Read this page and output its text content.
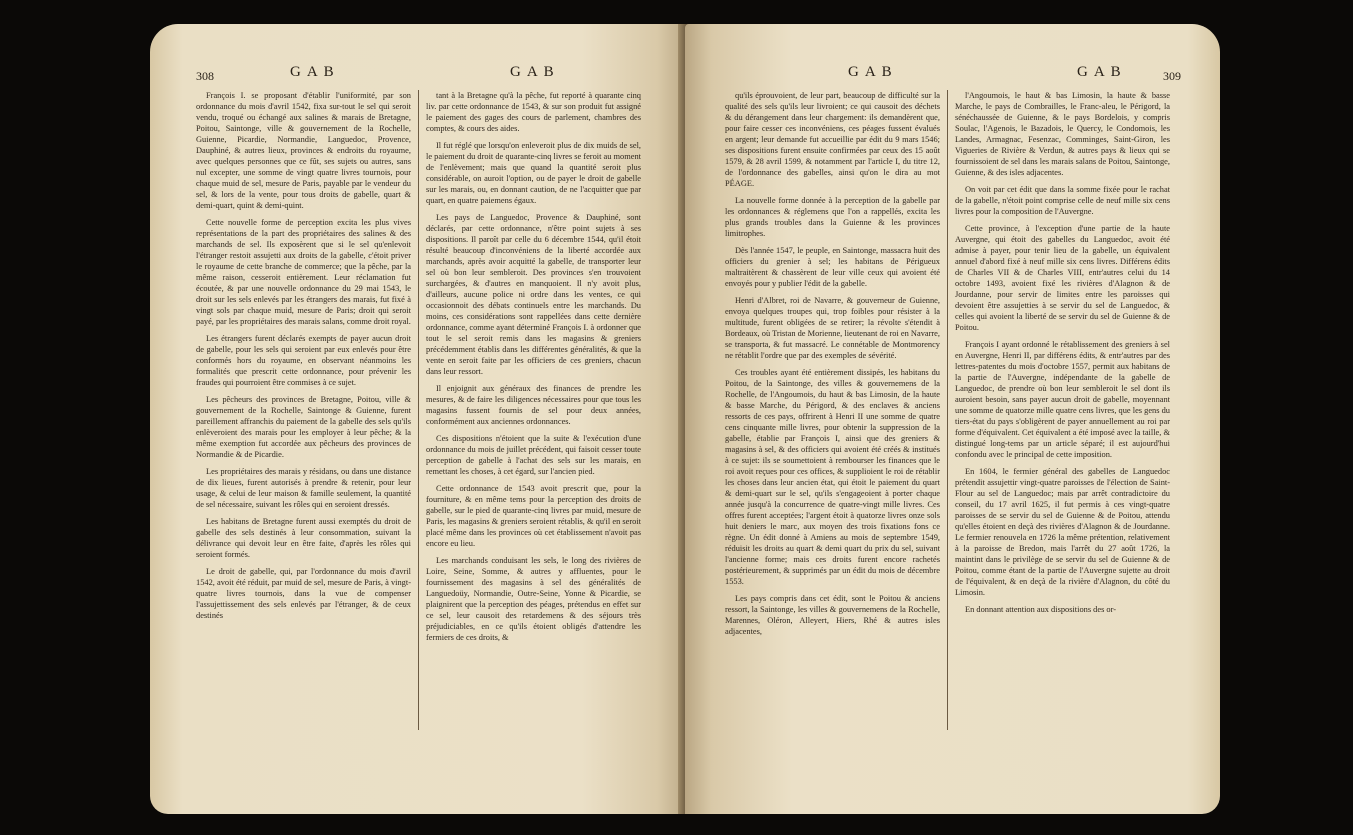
308	GAB	GAB

François I. se proposant d'établir l'uniformité, par son ordonnance du mois d'avril 1542, fixa sur-tout le sel qui seroit vendu, troqué ou échangé aux salines & marais de Bretagne, Poitou, Saintonge, ville & gouvernement de la Rochelle, Guienne, Picardie, Normandie, Languedoc, Provence, Dauphiné, & autres lieux, provinces & endroits du royaume, avec quelques personnes que ce fût, ses sujets ou autres, sans nul excepter, une somme de vingt quatre livres tournois, pour chaque muid de sel, mesure de Paris, payable par le vendeur du sel, & lors de la vente, pour tous droits de gabelle, quart & demi-quart, quint & demi-quint.

Cette nouvelle forme de perception excita les plus vives représentations de la part des propriétaires des salines & des marchands de sel. Ils exposèrent que si le sel qu'enlevoit l'étranger restoit assujetti aux droits de la gabelle, c'étoit priver le royaume de cette branche de commerce; que la pêche, par la même raison, cesseroit entièrement. Leur réclamation fut écoutée, & par une nouvelle ordonnance du 29 mai 1543, le droit sur les sels enlevés par les étrangers des marais, fut fixé à vingt sols par chaque muid, mesure de Paris; droit qui seroit payé, par les propriétaires des marais salans, comme droit royal.

Les étrangers furent déclarés exempts de payer aucun droit de gabelle, pour les sels qui seroient par eux enlevés pour être conformés hors du royaume, en observant néanmoins les formalités que prescrit cette ordonnance, pour prévenir les fraudes qui pourroient être commises à ce sujet.

Les pêcheurs des provinces de Bretagne, Poitou, ville & gouvernement de la Rochelle, Saintonge & Guienne, furent pareillement affranchis du paiement de la gabelle des sels qu'ils enlèveroient des marais pour les employer à leur pêche; & la même exemption fut accordée aux pêcheurs des provinces de Normandie & de Picardie.

Les propriétaires des marais y résidans, ou dans une distance de dix lieues, furent autorisés à prendre & retenir, pour leur usage, & celui de leur maison & famille seulement, la quantité de sel nécessaire, suivant les rôles qui en seroient dressés.

Les habitans de Bretagne furent aussi exemptés du droit de gabelle des sels destinés à leur consommation, suivant la délivrance qui devoit leur en être faite, d'après les rôles qui seroient formés.

Le droit de gabelle, qui, par l'ordonnance du mois d'avril 1542, avoit été réduit, par muid de sel, mesure de Paris, à vingt-quatre livres tournois, dans la vue de compenser l'assujettissement des sels enlevés par l'étranger, & de ceux destinés

tant à la Bretagne qu'à la pêche, fut reporté à quarante cinq liv. par cette ordonnance de 1543, & sur son produit fut assigné le paiement des gages des cours de parlement, chambres des comptes, & cours des aides.

Il fut réglé que lorsqu'on enleveroit plus de dix muids de sel, le paiement du droit de quarante-cinq livres se feroit au moment de l'enlèvement; mais que quand la quantité seroit plus considérable, on auroit l'option, ou de payer le droit de gabelle sur les marais, ou, en donnant caution, de ne l'acquitter que par quart, en quatre paiemens égaux.

Les pays de Languedoc, Provence & Dauphiné, sont déclarés, par cette ordonnance, n'être point sujets à ses dispositions. Il paroît par celle du 6 décembre 1544, qu'il étoit résulté beaucoup d'inconvéniens de la liberté accordée aux marchands, après avoir acquitté la gabelle, de transporter leur sel où bon leur sembleroit. Des provinces s'en trouvoient surchargées, & d'autres en manquoient. Il n'y avoit plus, d'ailleurs, aucune police ni ordre dans les ventes, ce qui occasionnoit des débats continuels entre les marchands. Du moins, ces considérations sont rappellées dans cette dernière ordonnance, comme ayant déterminé François I. à ordonner que tout le sel seroit remis dans les magasins & greniers précédemment établis dans les différentes généralités, & que la vente en seroit faite par les officiers de ces greniers, chacun dans leur ressort.

Il enjoignit aux généraux des finances de prendre les mesures, & de faire les diligences nécessaires pour que tous les magasins fussent fournis de sel pour deux années, conformément aux anciennes ordonnances.

Ces dispositions n'étoient que la suite & l'exécution d'une ordonnance du mois de juillet précédent, qui faisoit cesser toute perception de gabelle à l'achat des sels sur les marais, en remettant les choses, à cet égard, sur l'ancien pied.

Cette ordonnance de 1543 avoit prescrit que, pour la fourniture, & en même tems pour la perception des droits de gabelle, sur le pied de quarante-cinq livres par muid, mesure de Paris, les magasins & greniers seroient rétablis, & qu'il en seroit placé même dans les provinces où cet établissement n'avoit pas encore eu lieu.

Les marchands conduisant les sels, le long des rivières de Loire, Seine, Somme, & autres y affluentes, pour le fournissement des magasins à sel des généralités de Languedoüy, Normandie, Outre-Seine, Yonne & Picardie, se plaignirent que la perception des péages, prétendus en effet sur ce sel, leur causoit des retardemens & des séjours très préjudiciables, en ce qu'ils étoient obligés d'attendre les fermiers de ces droits, &

GAB	GAB	309

qu'ils éprouvoient, de leur part, beaucoup de difficulté sur la qualité des sels qu'ils leur livroient; ce qui causoit des déchets & du dérangement dans leur chargement: ils demandèrent que, pour faire cesser ces inconvéniens, ces péages fussent évalués en argent; leur demande fut accueillie par édit du 9 mars 1546; ses dispositions furent ensuite confirmées par ceux des 15 août 1579, & 28 avril 1599, & notamment par l'article I, du titre 12, de l'ordonnance des gabelles, ainsi qu'on le dira au mot PÉAGE.

La nouvelle forme donnée à la perception de la gabelle par les ordonnances & réglemens que l'on a rappellés, excita les plus grands troubles dans la Guienne & les provinces limitrophes.

Dès l'année 1547, le peuple, en Saintonge, massacra huit des officiers du grenier à sel; les habitans de Périgueux maltraitèrent & chassèrent de leur ville ceux qui avoient été envoyés pour y publier l'édit de la gabelle.

Henri d'Albret, roi de Navarre, & gouverneur de Guienne, envoya quelques troupes qui, trop foibles pour résister à la multitude, furent obligées de se retirer; la révolte s'étendit à Bordeaux, où Tristan de Morienne, lieutenant de roi en Navarre, se transporta, & fut massacré. Le connétable de Montmorency ne rétablit l'ordre que par des exemples de sévérité.

Ces troubles ayant été entièrement dissipés, les habitans du Poitou, de la Saintonge, des villes & gouvernemens de la Rochelle, de l'Angoumois, du haut & bas Limosin, de la haute & basse Marche, du Périgord, & des enclaves & anciens ressorts de ces pays, offrirent à Henri II une somme de quatre cens cinquante mille livres, pour obtenir la suppression de la gabelle, établie par François I, ainsi que des greniers & magasins à sel, & des officiers qui avoient été créés & institués à ce sujet: ils se soumettoient à rembourser les finances que le roi avoit reçues pour ces offices, & supplioient le roi de rétablir les choses dans leur ancien état, qui étoit le paiement du quart & demi-quart sur le sel, qu'ils s'engageoient à porter chaque année jusqu'à la concurrence de quatre-vingt mille livres. Ces offres furent acceptées; l'argent étoit à quatorze livres onze sols huit deniers le marc, aux moyen des trois fixations fons ce règne. Un édit donné à Amiens au mois de septembre 1549, réduisit les droits au quart & demi quart du prix du sel, suivant l'ancienne forme; mais ces droits furent encore rachetés postérieurement, & supprimés par un édit du mois de décembre 1553.

Les pays compris dans cet édit, sont le Poitou & anciens ressort, la Saintonge, les villes & gouvernemens de la Rochelle, Marennes, Oléron, Alleyert, Hiers, Rhé & autres isles adjacentes,

l'Angoumois, le haut & bas Limosin, la haute & basse Marche, le pays de Combrailles, le Franc-aleu, le Périgord, la sénéchaussée de Guienne, & le pays Bordelois, y compris Soulac, l'Agenois, le Bazadois, le Quercy, le Condomois, les Landes, Armagnac, Fesenzac, Comminges, Saint-Giron, les Vigueries de Rivière & Verdun, & autres pays & lieux qui se fournissoient de sel dans les marais salans de Poitou, Saintonge, Guienne, & des isles adjacentes.

On voit par cet édit que dans la somme fixée pour le rachat de la gabelle, n'étoit point comprise celle de neuf mille six cens livres pour la composition de l'Auvergne.

Cette province, à l'exception d'une partie de la haute Auvergne, qui étoit des gabelles du Languedoc, avoit été admise à payer, pour tenir lieu de la gabelle, un équivalent annuel d'abord fixé à neuf mille six cens livres. Différens édits de Charles VII & de Charles VIII, entr'autres celui du 14 octobre 1493, avoient fixé les rivières d'Alagnon & de Jourdanne, pour servir de limites entre les paroisses qui devoient être assujetties à se servir du sel de Languedoc, & celles qui avoient la liberté de se servir du sel de Guienne & de Poitou.

François I ayant ordonné le rétablissement des greniers à sel en Auvergne, Henri II, par différens édits, & entr'autres par des lettres-patentes du mois d'octobre 1557, permit aux habitans de la partie de l'Auvergne, indépendante de la gabelle de Languedoc, de prendre où bon leur sembleroit le sel dont ils auroient besoin, sans payer aucun droit de gabelle, moyennant une somme de quatorze mille quatre cens livres, que les gens du tiers-état du pays s'obligèrent de payer annuellement au roi par forme d'équivalent. Cet équivalent a été imposé avec la taille, & distingué long-tems par un article séparé; il est aujourd'hui confondu avec le principal de cette imposition.

En 1604, le fermier général des gabelles de Languedoc prétendit assujettir vingt-quatre paroisses de l'élection de Saint-Flour au sel de Languedoc; mais par arrêt contradictoire du conseil, du 17 avril 1625, il fut permis à ces vingt-quatre paroisses de se servir du sel de Guienne & de Poitou, attendu qu'elles étoient en deçà des rivières d'Alagnon & de Jourdanne. Le fermier renouvela en 1726 la même prétention, relativement à la paroisse de Bredon, mais l'arrêt du 27 août 1726, la maintint dans le privilège de se servir du sel de Guienne & de Poitou, comme étant de la partie de l'Auvergne sujette au droit de l'équivalent, & en deçà de la rivière d'Alagnon, du côté du Limosin.

En donnant attention aux dispositions des or-
